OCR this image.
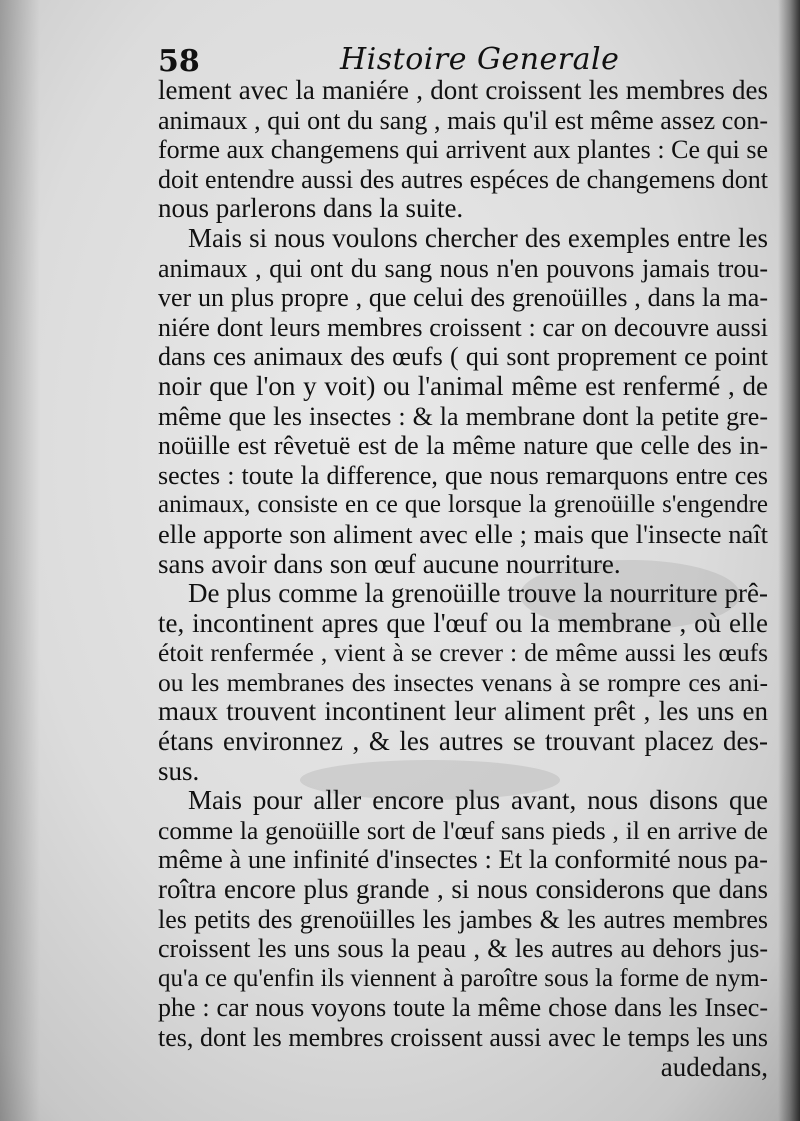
58	Histoire Generale
lement avec la maniére , dont croissent les membres des
animaux , qui ont du sang , mais qu'il est même assez con-
forme aux changemens qui arrivent aux plantes : Ce qui se
doit entendre aussi des autres espéces de changemens dont
nous parlerons dans la suite.
Mais si nous voulons chercher des exemples entre les
animaux , qui ont du sang nous n'en pouvons jamais trou-
ver un plus propre , que celui des grenoüilles , dans la ma-
niére dont leurs membres croissent : car on decouvre aussi
dans ces animaux des œufs ( qui sont proprement ce point
noir que l'on y voit) ou l'animal même est renfermé , de
même que les insectes : & la membrane dont la petite gre-
noüille est rêvetuë est de la même nature que celle des in-
sectes : toute la difference, que nous remarquons entre ces
animaux, consiste en ce que lorsque la grenoüille s'engendre
elle apporte son aliment avec elle ; mais que l'insecte naît
sans avoir dans son œuf aucune nourriture.
De plus comme la grenoüille trouve la nourriture prê-
te, incontinent apres que l'œuf ou la membrane , où elle
étoit renfermée , vient à se crever : de même aussi les œufs
ou les membranes des insectes venans à se rompre ces ani-
maux trouvent incontinent leur aliment prêt , les uns en
étans environnez , & les autres se trouvant placez des-
sus.
Mais pour aller encore plus avant, nous disons que
comme la genoüille sort de l'œuf sans pieds , il en arrive de
même à une infinité d'insectes : Et la conformité nous pa-
roîtra encore plus grande , si nous considerons que dans
les petits des grenoüilles les jambes & les autres membres
croissent les uns sous la peau , & les autres au dehors jus-
qu'a ce qu'enfin ils viennent à paroître sous la forme de nym-
phe : car nous voyons toute la même chose dans les Insec-
tes, dont les membres croissent aussi avec le temps les uns
audedans,
